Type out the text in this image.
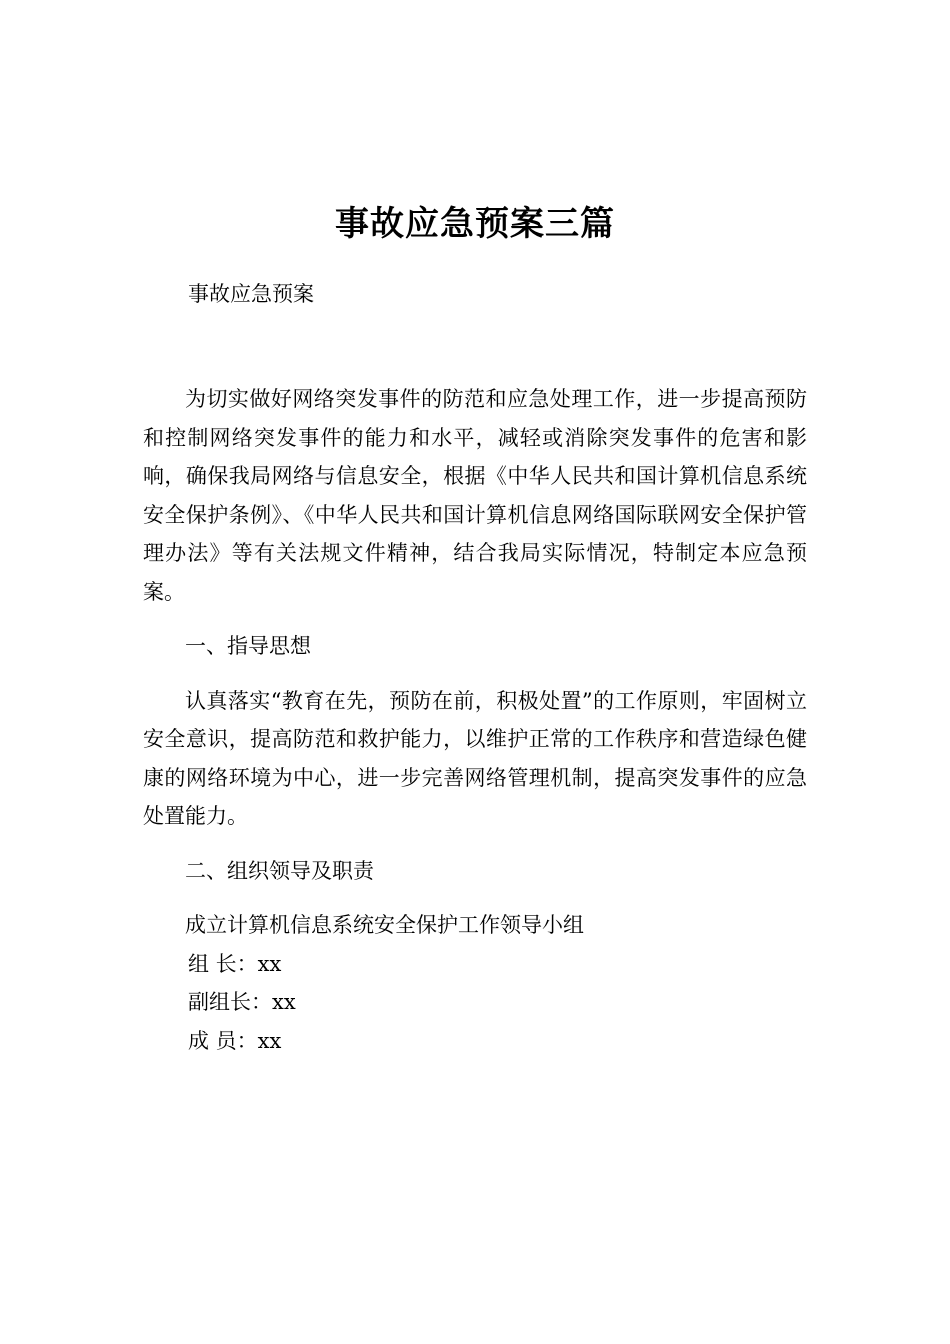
事故应急预案三篇

事故应急预案

为切实做好网络突发事件的防范和应急处理工作，进一步提高预防和控制网络突发事件的能力和水平，减轻或消除突发事件的危害和影响，确保我局网络与信息安全，根据《中华人民共和国计算机信息系统安全保护条例》、《中华人民共和国计算机信息网络国际联网安全保护管理办法》等有关法规文件精神，结合我局实际情况，特制定本应急预案。

一、指导思想

认真落实“教育在先，预防在前，积极处置”的工作原则，牢固树立安全意识，提高防范和救护能力，以维护正常的工作秩序和营造绿色健康的网络环境为中心，进一步完善网络管理机制，提高突发事件的应急处置能力。

二、组织领导及职责

成立计算机信息系统安全保护工作领导小组

组 长：xx

副组长：xx

成 员：xx
